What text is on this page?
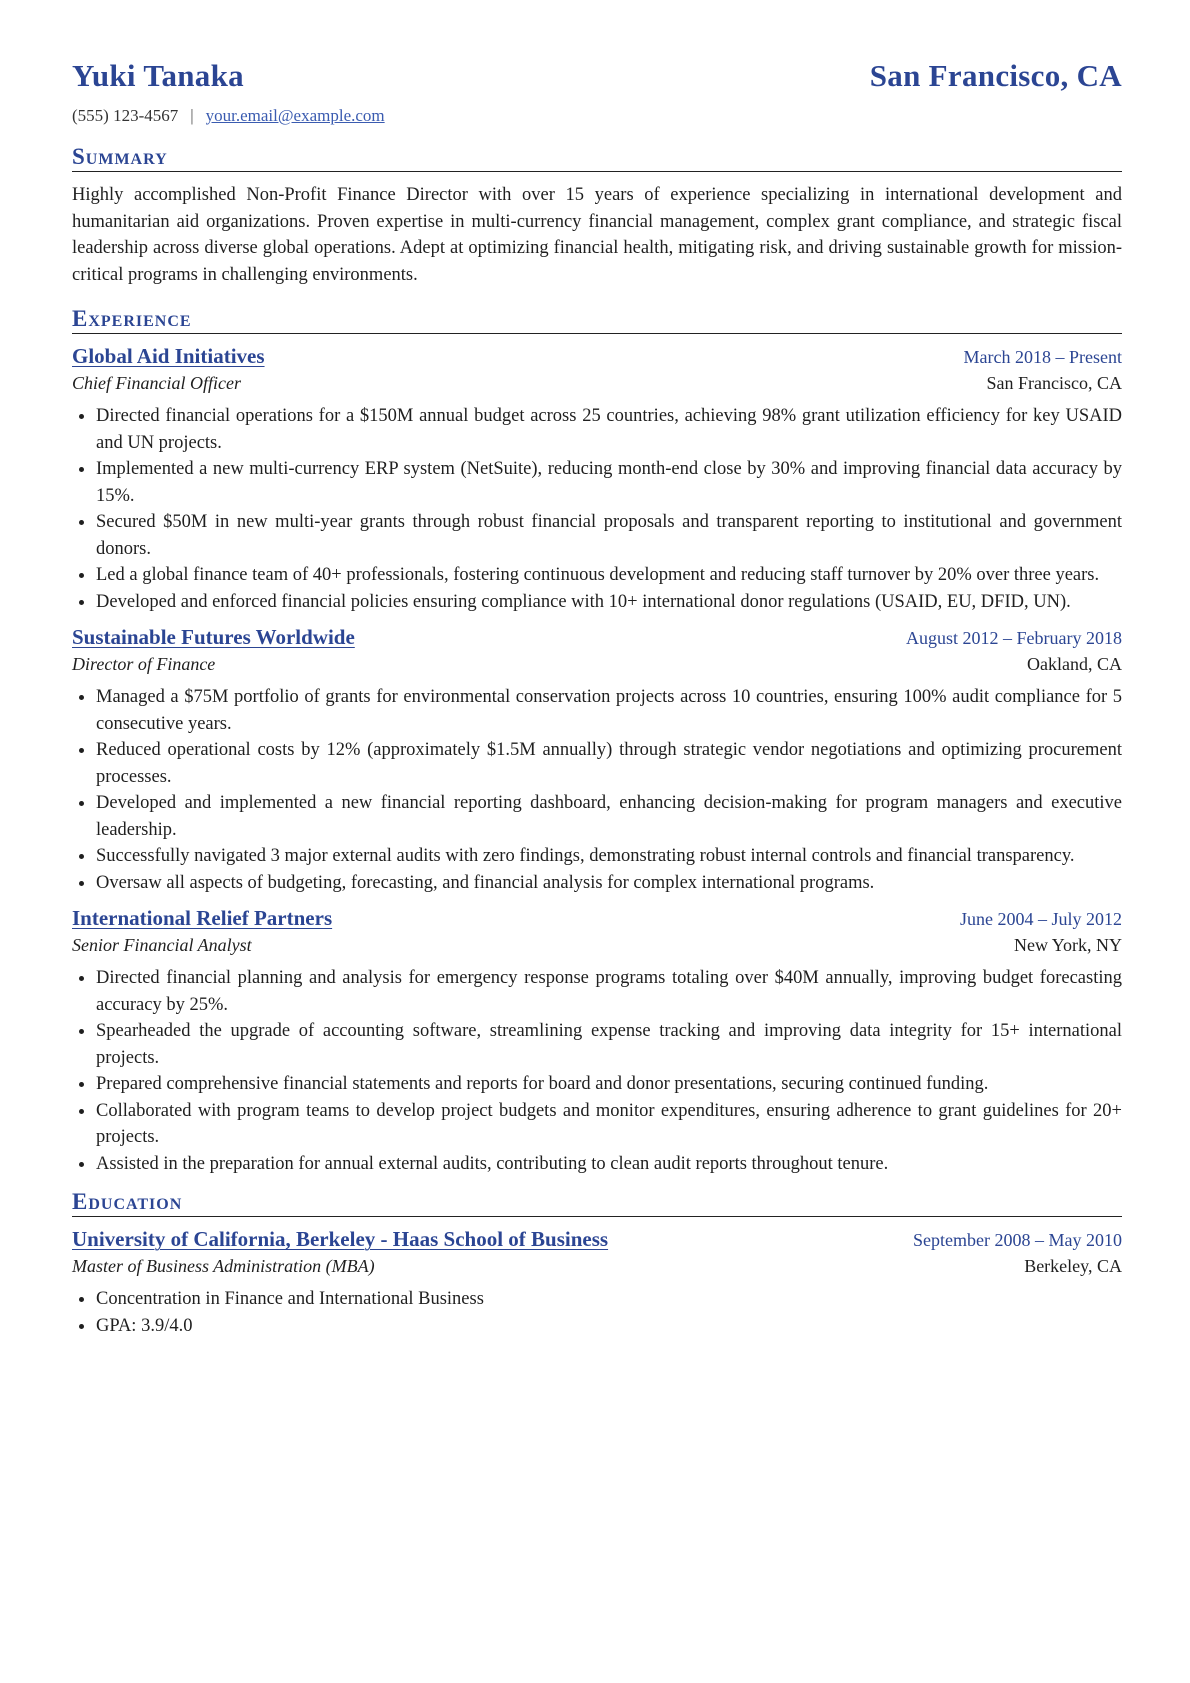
Yuki Tanaka	San Francisco, CA
(555) 123-4567 | your.email@example.com
Summary
Highly accomplished Non-Profit Finance Director with over 15 years of experience specializing in international development and humanitarian aid organizations. Proven expertise in multi-currency financial management, complex grant compliance, and strategic fiscal leadership across diverse global operations. Adept at optimizing financial health, mitigating risk, and driving sustainable growth for mission-critical programs in challenging environments.
Experience
Global Aid Initiatives	March 2018 – Present
Chief Financial Officer	San Francisco, CA
Directed financial operations for a $150M annual budget across 25 countries, achieving 98% grant utilization efficiency for key USAID and UN projects.
Implemented a new multi-currency ERP system (NetSuite), reducing month-end close by 30% and improving financial data accuracy by 15%.
Secured $50M in new multi-year grants through robust financial proposals and transparent reporting to institutional and government donors.
Led a global finance team of 40+ professionals, fostering continuous development and reducing staff turnover by 20% over three years.
Developed and enforced financial policies ensuring compliance with 10+ international donor regulations (USAID, EU, DFID, UN).
Sustainable Futures Worldwide	August 2012 – February 2018
Director of Finance	Oakland, CA
Managed a $75M portfolio of grants for environmental conservation projects across 10 countries, ensuring 100% audit compliance for 5 consecutive years.
Reduced operational costs by 12% (approximately $1.5M annually) through strategic vendor negotiations and optimizing procurement processes.
Developed and implemented a new financial reporting dashboard, enhancing decision-making for program managers and executive leadership.
Successfully navigated 3 major external audits with zero findings, demonstrating robust internal controls and financial transparency.
Oversaw all aspects of budgeting, forecasting, and financial analysis for complex international programs.
International Relief Partners	June 2004 – July 2012
Senior Financial Analyst	New York, NY
Directed financial planning and analysis for emergency response programs totaling over $40M annually, improving budget forecasting accuracy by 25%.
Spearheaded the upgrade of accounting software, streamlining expense tracking and improving data integrity for 15+ international projects.
Prepared comprehensive financial statements and reports for board and donor presentations, securing continued funding.
Collaborated with program teams to develop project budgets and monitor expenditures, ensuring adherence to grant guidelines for 20+ projects.
Assisted in the preparation for annual external audits, contributing to clean audit reports throughout tenure.
Education
University of California, Berkeley - Haas School of Business	September 2008 – May 2010
Master of Business Administration (MBA)	Berkeley, CA
Concentration in Finance and International Business
GPA: 3.9/4.0
